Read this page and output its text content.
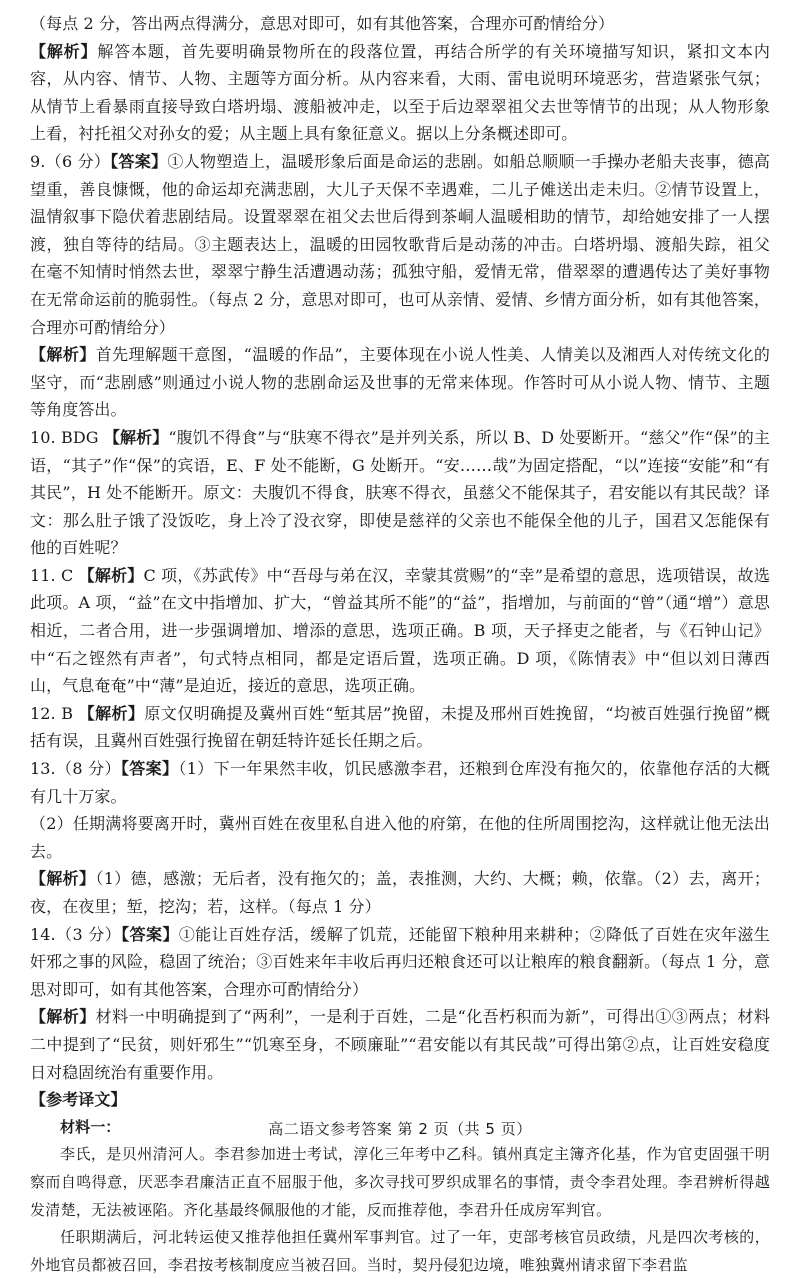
（每点 2 分，答出两点得满分，意思对即可，如有其他答案，合理亦可酌情给分）

【解析】解答本题，首先要明确景物所在的段落位置，再结合所学的有关环境描写知识，紧扣文本内容，从内容、情节、人物、主题等方面分析。从内容来看，大雨、雷电说明环境恶劣，营造紧张气氛；从情节上看暴雨直接导致白塔坍塌、渡船被冲走，以至于后边翠翠祖父去世等情节的出现；从人物形象上看，衬托祖父对孙女的爱；从主题上具有象征意义。据以上分条概述即可。

9.（6 分）【答案】①人物塑造上，温暖形象后面是命运的悲剧。如船总顺顺一手操办老船夫丧事，德高望重，善良慷慨，他的命运却充满悲剧，大儿子天保不幸遇难，二儿子傩送出走未归。②情节设置上，温情叙事下隐伏着悲剧结局。设置翠翠在祖父去世后得到茶峒人温暖相助的情节，却给她安排了一人摆渡，独自等待的结局。③主题表达上，温暖的田园牧歌背后是动荡的冲击。白塔坍塌、渡船失踪，祖父在毫不知情时悄然去世，翠翠宁静生活遭遇动荡；孤独守船，爱情无常，借翠翠的遭遇传达了美好事物在无常命运前的脆弱性。（每点 2 分，意思对即可，也可从亲情、爱情、乡情方面分析，如有其他答案，合理亦可酌情给分）

【解析】首先理解题干意图，“温暖的作品”，主要体现在小说人性美、人情美以及湘西人对传统文化的坚守，而“悲剧感”则通过小说人物的悲剧命运及世事的无常来体现。作答时可从小说人物、情节、主题等角度答出。

10. BDG 【解析】“腹饥不得食”与“肤寒不得衣”是并列关系，所以 B、D 处要断开。“慈父”作“保”的主语，“其子”作“保”的宾语，E、F 处不能断，G 处断开。“安……哉”为固定搭配，“以”连接“安能”和“有其民”，H 处不能断开。原文：夫腹饥不得食，肤寒不得衣，虽慈父不能保其子，君安能以有其民哉？译文：那么肚子饿了没饭吃，身上冷了没衣穿，即使是慈祥的父亲也不能保全他的儿子，国君又怎能保有他的百姓呢？

11. C 【解析】C 项，《苏武传》中“吾母与弟在汉，幸蒙其赏赐”的“幸”是希望的意思，选项错误，故选此项。A 项，“益”在文中指增加、扩大，“曾益其所不能”的“益”，指增加，与前面的“曾”（通“增”）意思相近，二者合用，进一步强调增加、增添的意思，选项正确。B 项，天子择吏之能者，与《石钟山记》中“石之铿然有声者”，句式特点相同，都是定语后置，选项正确。D 项，《陈情表》中“但以刘日薄西山，气息奄奄”中“薄”是迫近，接近的意思，选项正确。

12. B 【解析】原文仅明确提及冀州百姓“堑其居”挽留，未提及邢州百姓挽留，“均被百姓强行挽留”概括有误，且冀州百姓强行挽留在朝廷特许延长任期之后。

13.（8 分）【答案】（1）下一年果然丰收，饥民感激李君，还粮到仓库没有拖欠的，依靠他存活的大概有几十万家。

（2）任期满将要离开时，冀州百姓在夜里私自进入他的府第，在他的住所周围挖沟，这样就让他无法出去。

【解析】（1）德，感激；无后者，没有拖欠的；盖，表推测，大约、大概；赖，依靠。（2）去，离开；夜，在夜里；堑，挖沟；若，这样。（每点 1 分）

14.（3 分）【答案】①能让百姓存活，缓解了饥荒，还能留下粮种用来耕种；②降低了百姓在灾年滋生奸邪之事的风险，稳固了统治；③百姓来年丰收后再归还粮食还可以让粮库的粮食翻新。（每点 1 分，意思对即可，如有其他答案，合理亦可酌情给分）

【解析】材料一中明确提到了“两利”，一是利于百姓，二是“化吾朽积而为新”，可得出①③两点；材料二中提到了“民贫，则奸邪生”“饥寒至身，不顾廉耻”“君安能以有其民哉”可得出第②点，让百姓安稳度日对稳固统治有重要作用。

【参考译文】

材料一：

李氏，是贝州清河人。李君参加进士考试，淳化三年考中乙科。镇州真定主簿齐化基，作为官吏固强干明察而自鸣得意，厌恶李君廉洁正直不屈服于他，多次寻找可罗织成罪名的事情，责令李君处理。李君辨析得越发清楚，无法被诬陷。齐化基最终佩服他的才能，反而推荐他，李君升任成房军判官。

任职期满后，河北转运使又推荐他担任冀州军事判官。过了一年，吏部考核官员政绩，凡是四次考核的，外地官员都被召回，李君按考核制度应当被召回。当时，契丹侵犯边境，唯独冀州请求留下李君监

高二语文参考答案 第 2 页（共 5 页）
